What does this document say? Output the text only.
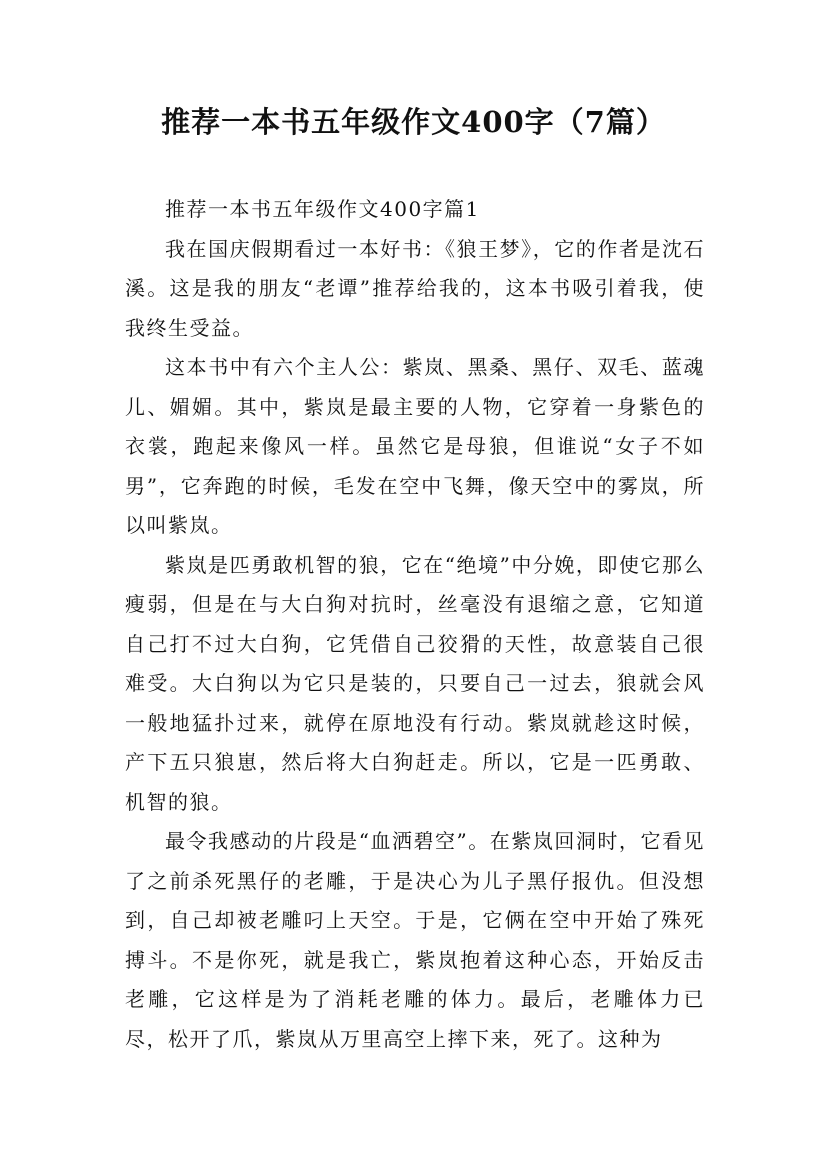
推荐一本书五年级作文400字（7篇）

推荐一本书五年级作文400字篇1

我在国庆假期看过一本好书：《狼王梦》，它的作者是沈石溪。这是我的朋友“老谭”推荐给我的，这本书吸引着我，使我终生受益。

这本书中有六个主人公：紫岚、黑桑、黑仔、双毛、蓝魂儿、媚媚。其中，紫岚是最主要的人物，它穿着一身紫色的衣裳，跑起来像风一样。虽然它是母狼，但谁说“女子不如男”，它奔跑的时候，毛发在空中飞舞，像天空中的雾岚，所以叫紫岚。

紫岚是匹勇敢机智的狼，它在“绝境”中分娩，即使它那么瘦弱，但是在与大白狗对抗时，丝毫没有退缩之意，它知道自己打不过大白狗，它凭借自己狡猾的天性，故意装自己很难受。大白狗以为它只是装的，只要自己一过去，狼就会风一般地猛扑过来，就停在原地没有行动。紫岚就趁这时候，产下五只狼崽，然后将大白狗赶走。所以，它是一匹勇敢、机智的狼。

最令我感动的片段是“血洒碧空”。在紫岚回洞时，它看见了之前杀死黑仔的老雕，于是决心为儿子黑仔报仇。但没想到，自己却被老雕叼上天空。于是，它俩在空中开始了殊死搏斗。不是你死，就是我亡，紫岚抱着这种心态，开始反击老雕，它这样是为了消耗老雕的体力。最后，老雕体力已尽，松开了爪，紫岚从万里高空上摔下来，死了。这种为
